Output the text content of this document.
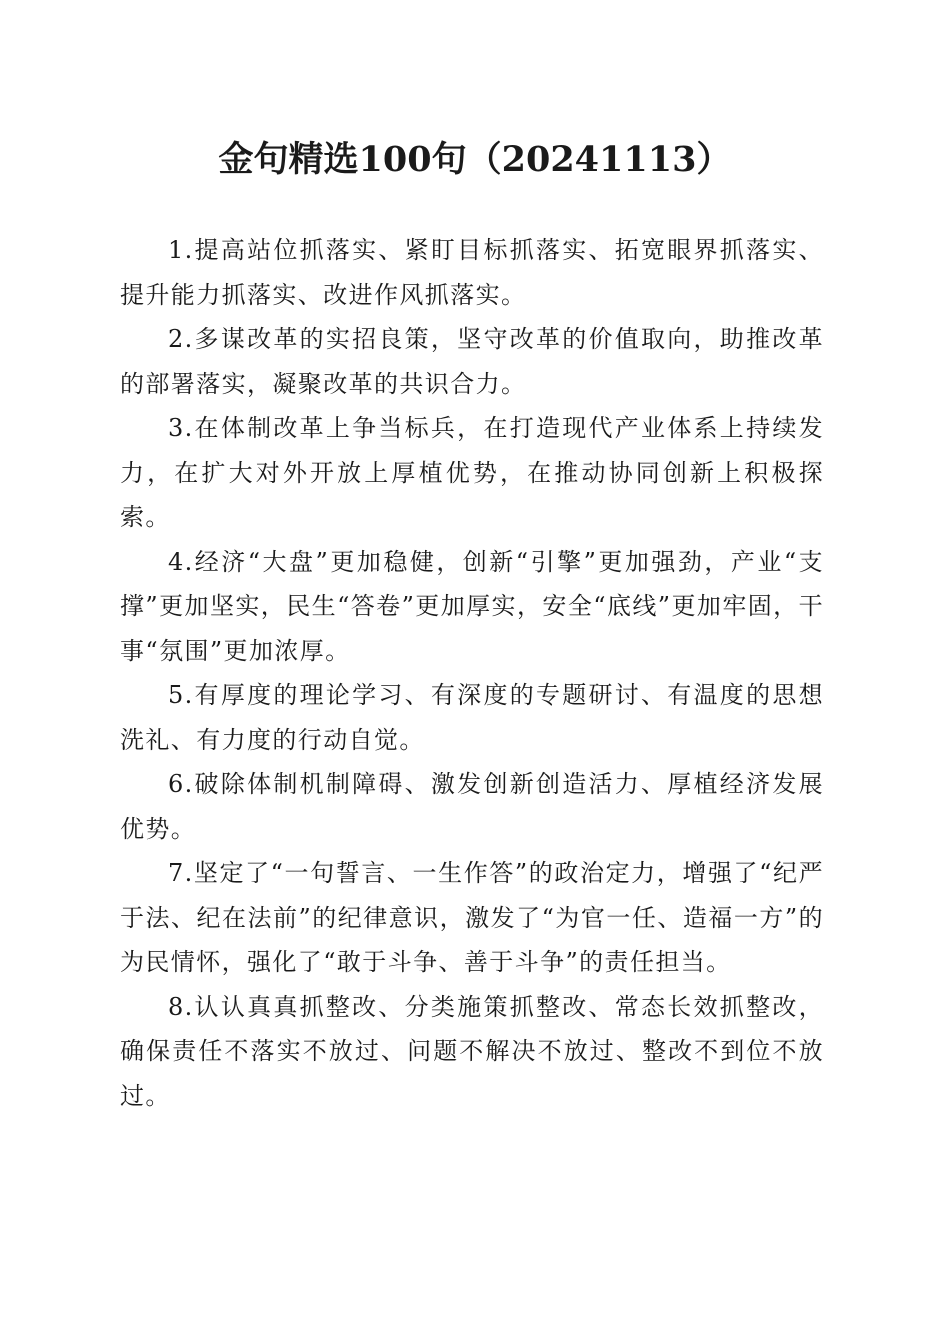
金句精选100句（20241113）

1.提高站位抓落实、紧盯目标抓落实、拓宽眼界抓落实、提升能力抓落实、改进作风抓落实。

2.多谋改革的实招良策，坚守改革的价值取向，助推改革的部署落实，凝聚改革的共识合力。

3.在体制改革上争当标兵，在打造现代产业体系上持续发力，在扩大对外开放上厚植优势，在推动协同创新上积极探索。

4.经济“大盘”更加稳健，创新“引擎”更加强劲，产业“支撑”更加坚实，民生“答卷”更加厚实，安全“底线”更加牢固，干事“氛围”更加浓厚。

5.有厚度的理论学习、有深度的专题研讨、有温度的思想洗礼、有力度的行动自觉。

6.破除体制机制障碍、激发创新创造活力、厚植经济发展优势。

7.坚定了“一句誓言、一生作答”的政治定力，增强了“纪严于法、纪在法前”的纪律意识，激发了“为官一任、造福一方”的为民情怀，强化了“敢于斗争、善于斗争”的责任担当。

8.认认真真抓整改、分类施策抓整改、常态长效抓整改，确保责任不落实不放过、问题不解决不放过、整改不到位不放过。
